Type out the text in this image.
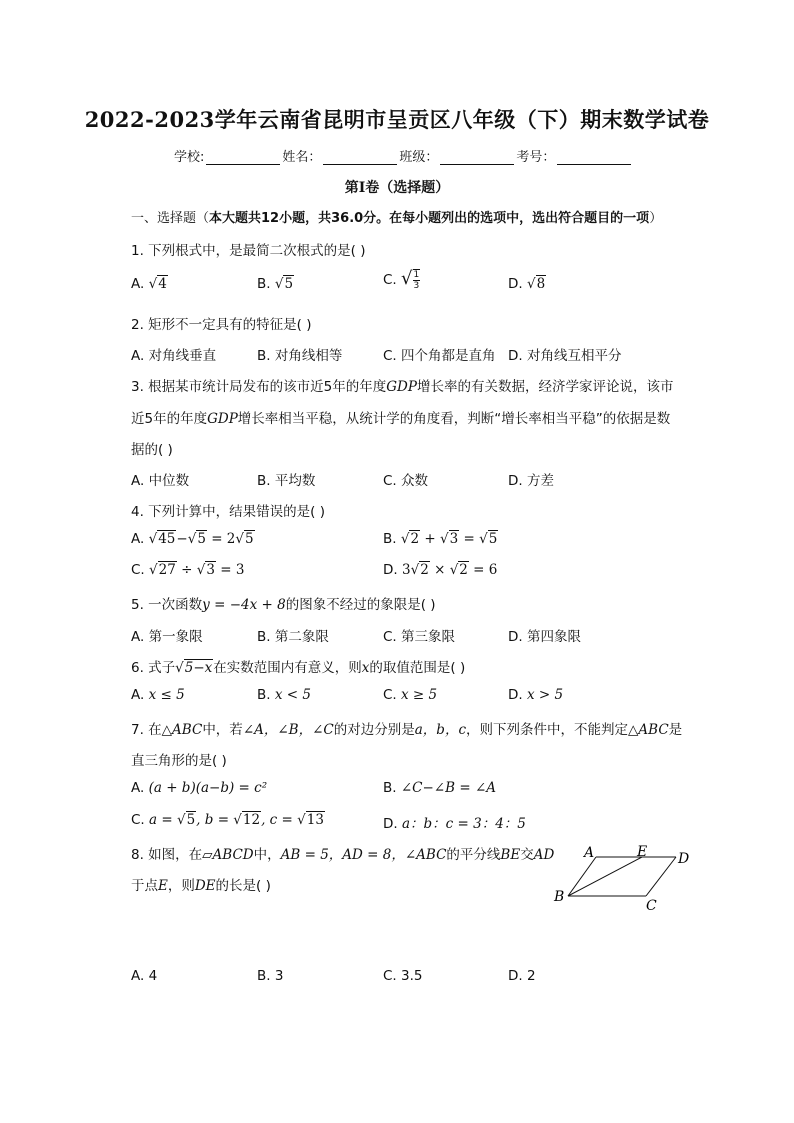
2022-2023学年云南省昆明市呈贡区八年级（下）期末数学试卷
学校:	姓名：	班级：	考号：
第I卷（选择题）
一、选择题（本大题共12小题，共36.0分。在每小题列出的选项中，选出符合题目的一项）
1. 下列根式中，是最简二次根式的是( )
A. √4	B. √5	C. √ $\frac{1}{3}$	D. √8
2. 矩形不一定具有的特征是( )
A. 对角线垂直	B. 对角线相等	C. 四个角都是直角 D. 对角线互相平分
3. 根据某市统计局发布的该市近5年的年度GDP增长率的有关数据，经济学家评论说，该市
近5年的年度GDP增长率相当平稳，从统计学的角度看，判断“增长率相当平稳”的依据是数
据的( )
A. 中位数	B. 平均数	C. 众数	D. 方差
4. 下列计算中，结果错误的是( )
A. √45−√5 = 2√5	B. √2 + √3 = √5
C. √27 ÷ √3 = 3	D. 3√2 × √2 = 6
5. 一次函数y = −4x + 8的图象不经过的象限是( )
A. 第一象限	B. 第二象限	C. 第三象限	D. 第四象限
6. 式子√5−x在实数范围内有意义，则x的取值范围是( )
A. x ≤ 5	B. x < 5	C. x ≥ 5	D. x > 5
7. 在△ABC中，若∠A，∠B，∠C的对边分别是a，b，c，则下列条件中，不能判定△ABC是
直三角形的是( )
A. (a + b)(a−b) = c²	B. ∠C−∠B = ∠A
C. a = √5, b = √12, c = √13	D. a：b：c = 3：4：5
8. 如图，在▱ABCD中，AB = 5，AD = 8，∠ABC的平分线BE交AD
于点E，则DE的长是( )
A	E D
B
C
A. 4	B. 3	C. 3.5	D. 2
